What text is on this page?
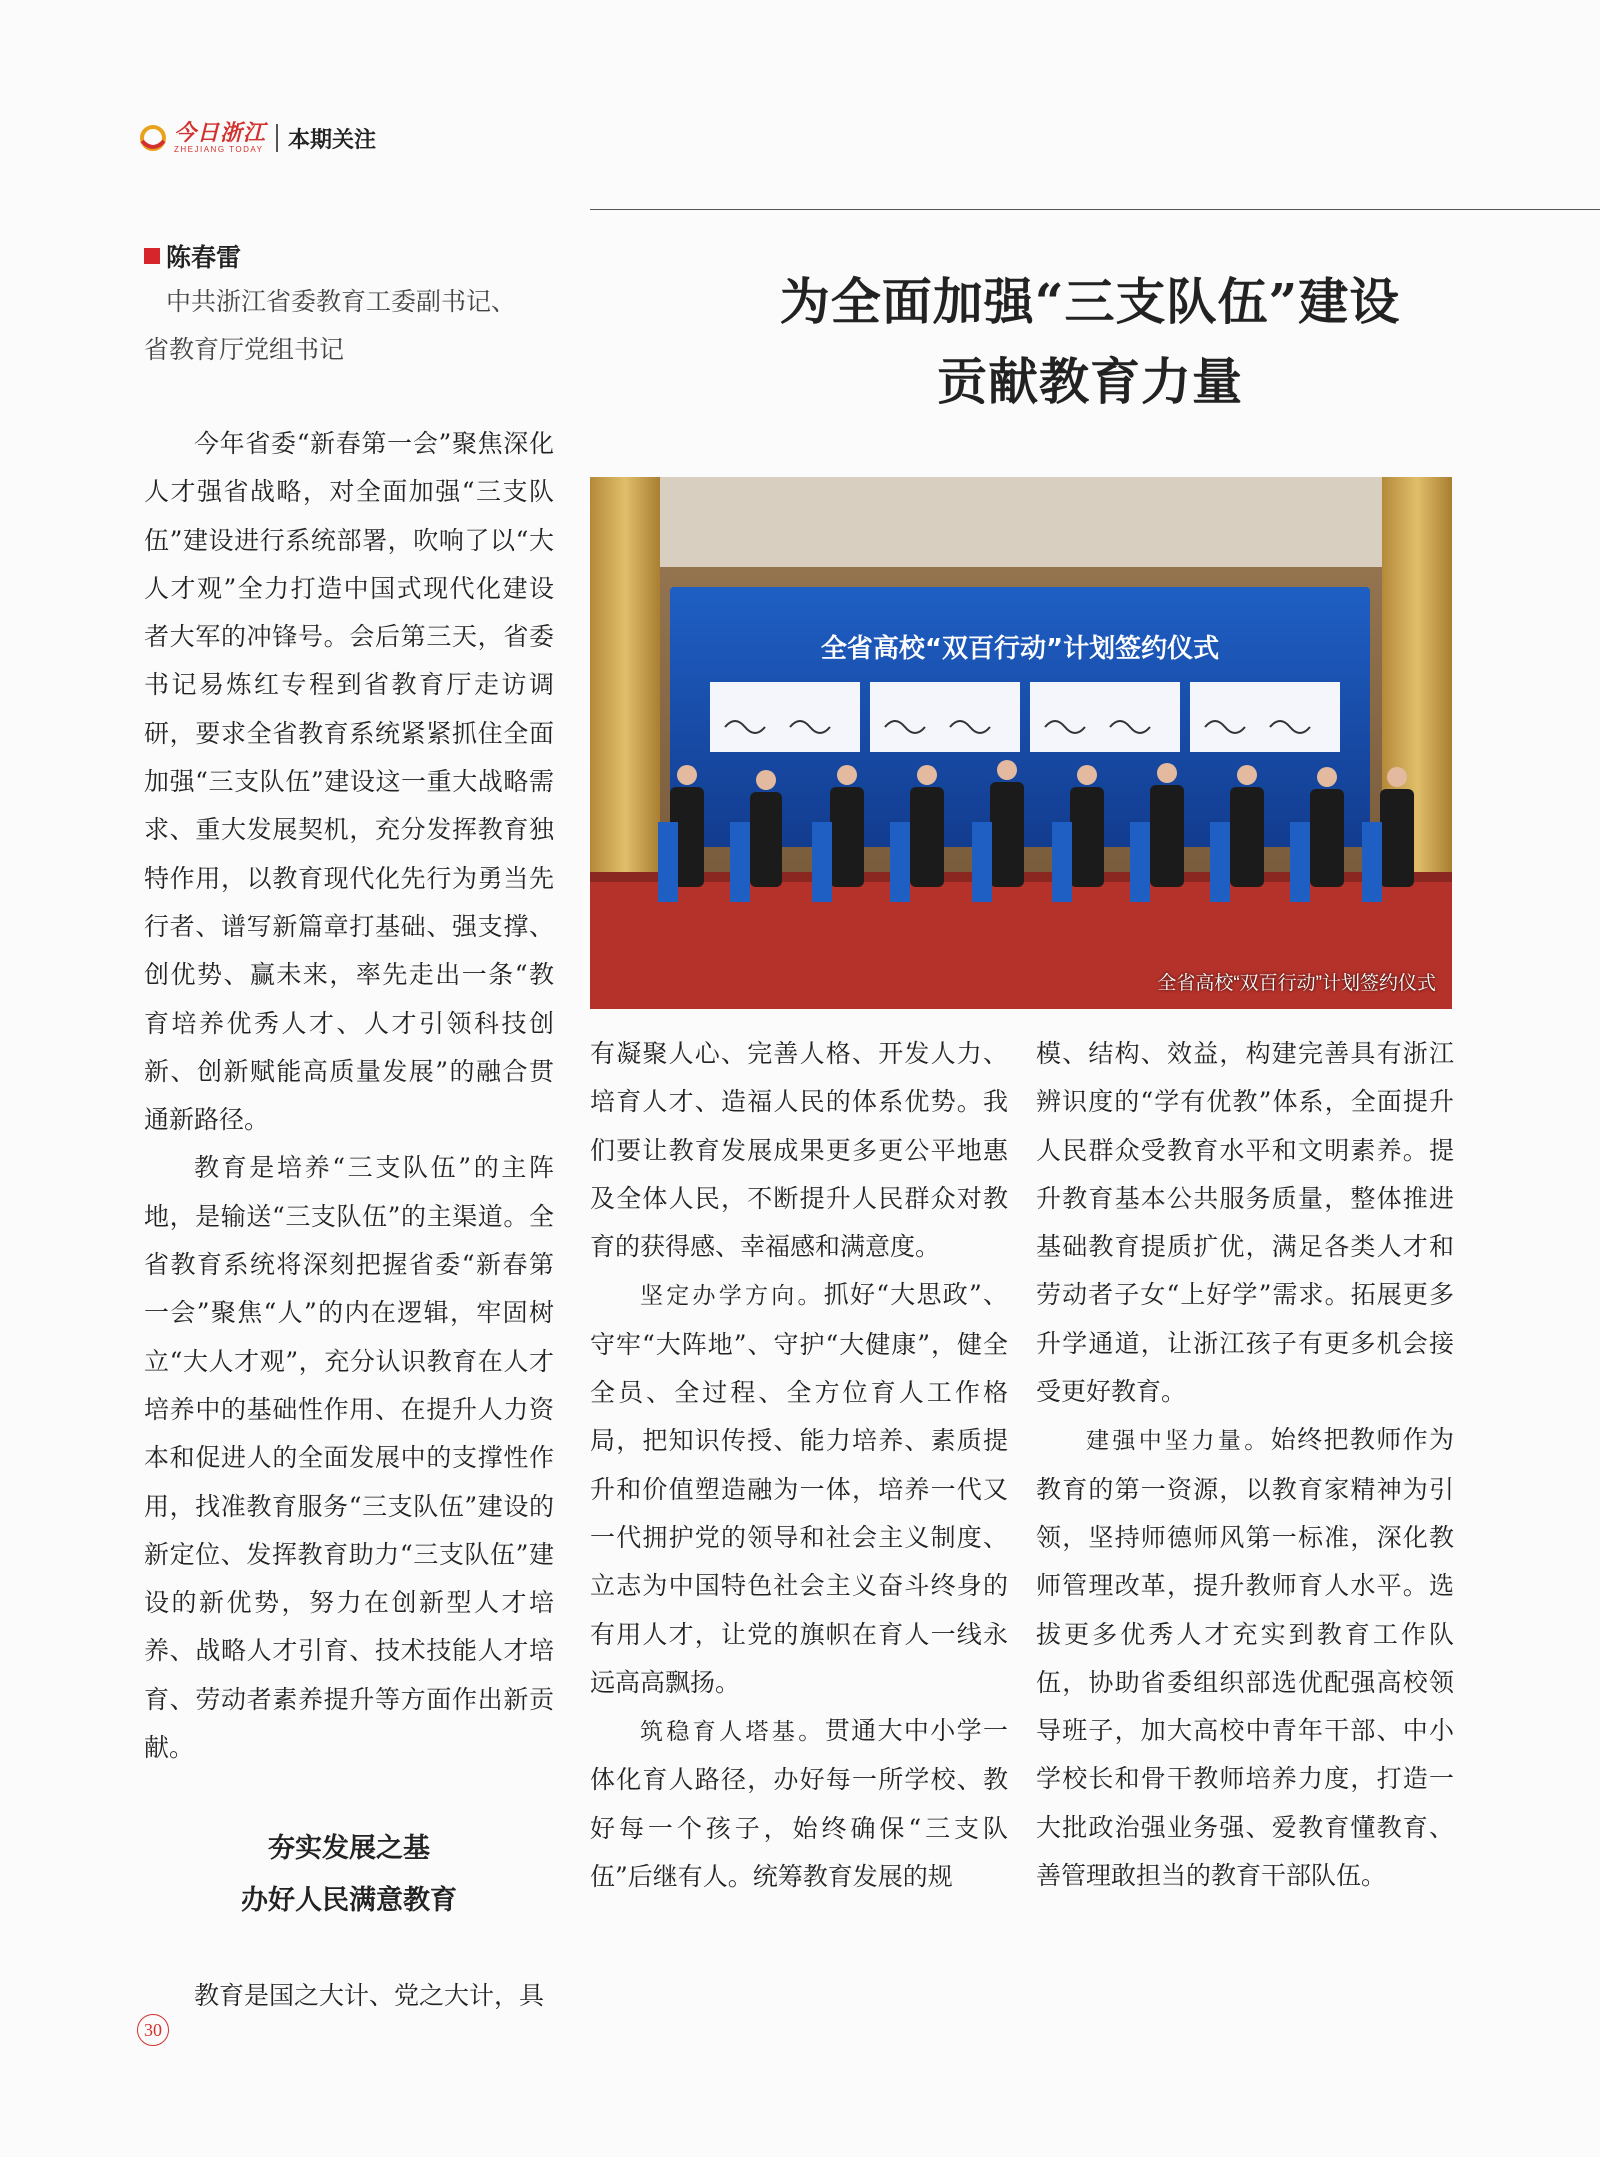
今日浙江
ZHEJIANG TODAY 本期关注
陈春雷
中共浙江省委教育工委副书记、
省教育厅党组书记
为全面加强“三支队伍”建设
贡献教育力量
全省高校“双百行动”计划签约仪式
全省高校“双百行动”计划签约仪式

今年省委“新春第一会”聚焦深化人才强省战略，对全面加强“三支队伍”建设进行系统部署，吹响了以“大人才观”全力打造中国式现代化建设者大军的冲锋号。会后第三天，省委书记易炼红专程到省教育厅走访调研，要求全省教育系统紧紧抓住全面加强“三支队伍”建设这一重大战略需求、重大发展契机，充分发挥教育独特作用，以教育现代化先行为勇当先行者、谱写新篇章打基础、强支撑、创优势、赢未来，率先走出一条“教育培养优秀人才、人才引领科技创新、创新赋能高质量发展”的融合贯通新路径。

教育是培养“三支队伍”的主阵地，是输送“三支队伍”的主渠道。全省教育系统将深刻把握省委“新春第一会”聚焦“人”的内在逻辑，牢固树立“大人才观”，充分认识教育在人才培养中的基础性作用、在提升人力资本和促进人的全面发展中的支撑性作用，找准教育服务“三支队伍”建设的新定位、发挥教育助力“三支队伍”建设的新优势，努力在创新型人才培养、战略人才引育、技术技能人才培育、劳动者素养提升等方面作出新贡献。

夯实发展之基
办好人民满意教育

教育是国之大计、党之大计，具

有凝聚人心、完善人格、开发人力、培育人才、造福人民的体系优势。我们要让教育发展成果更多更公平地惠及全体人民，不断提升人民群众对教育的获得感、幸福感和满意度。

坚定办学方向。抓好“大思政”、守牢“大阵地”、守护“大健康”，健全全员、全过程、全方位育人工作格局，把知识传授、能力培养、素质提升和价值塑造融为一体，培养一代又一代拥护党的领导和社会主义制度、立志为中国特色社会主义奋斗终身的有用人才，让党的旗帜在育人一线永远高高飘扬。

筑稳育人塔基。贯通大中小学一体化育人路径，办好每一所学校、教好每一个孩子，始终确保“三支队伍”后继有人。统筹教育发展的规

模、结构、效益，构建完善具有浙江辨识度的“学有优教”体系，全面提升人民群众受教育水平和文明素养。提升教育基本公共服务质量，整体推进基础教育提质扩优，满足各类人才和劳动者子女“上好学”需求。拓展更多升学通道，让浙江孩子有更多机会接受更好教育。

建强中坚力量。始终把教师作为教育的第一资源，以教育家精神为引领，坚持师德师风第一标准，深化教师管理改革，提升教师育人水平。选拔更多优秀人才充实到教育工作队伍，协助省委组织部选优配强高校领导班子，加大高校中青年干部、中小学校长和骨干教师培养力度，打造一大批政治强业务强、爱教育懂教育、善管理敢担当的教育干部队伍。

30
